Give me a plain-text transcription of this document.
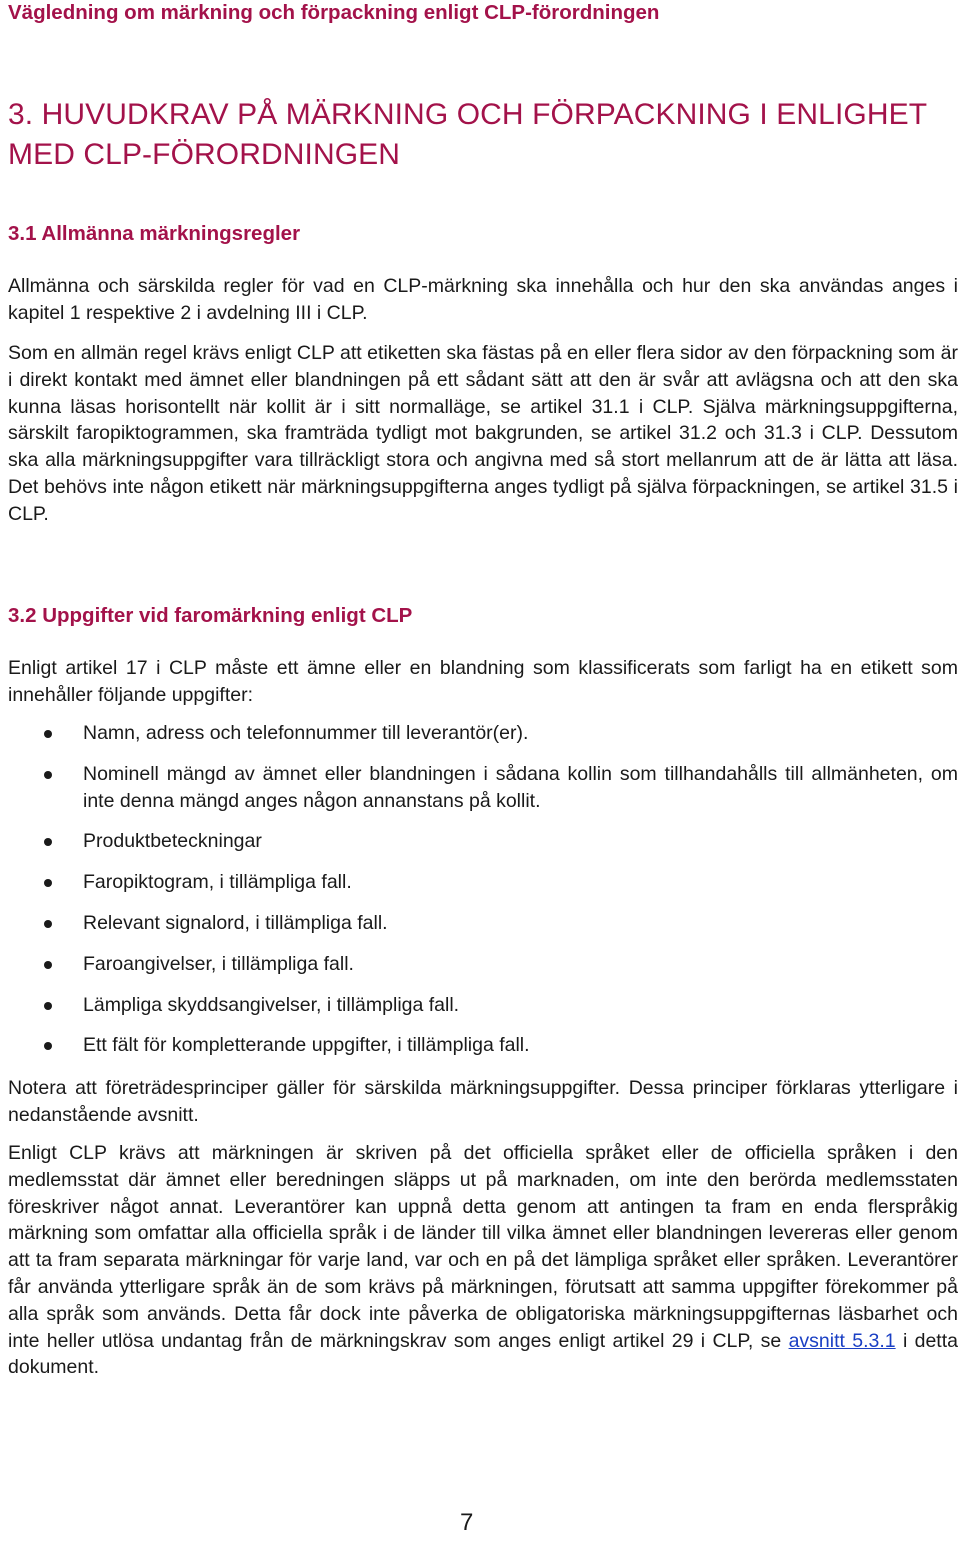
Vägledning om märkning och förpackning enligt CLP-förordningen
3. HUVUDKRAV PÅ MÄRKNING OCH FÖRPACKNING I ENLIGHET MED CLP-FÖRORDNINGEN
3.1 Allmänna märkningsregler

Allmänna och särskilda regler för vad en CLP-märkning ska innehålla och hur den ska användas anges i kapitel 1 respektive 2 i avdelning III i CLP.

Som en allmän regel krävs enligt CLP att etiketten ska fästas på en eller flera sidor av den förpackning som är i direkt kontakt med ämnet eller blandningen på ett sådant sätt att den är svår att avlägsna och att den ska kunna läsas horisontellt när kollit är i sitt normalläge, se artikel 31.1 i CLP. Själva märkningsuppgifterna, särskilt faropiktogrammen, ska framträda tydligt mot bakgrunden, se artikel 31.2 och 31.3 i CLP. Dessutom ska alla märkningsuppgifter vara tillräckligt stora och angivna med så stort mellanrum att de är lätta att läsa. Det behövs inte någon etikett när märkningsuppgifterna anges tydligt på själva förpackningen, se artikel 31.5 i CLP.

3.2 Uppgifter vid faromärkning enligt CLP

Enligt artikel 17 i CLP måste ett ämne eller en blandning som klassificerats som farligt ha en etikett som innehåller följande uppgifter:

Namn, adress och telefonnummer till leverantör(er).
Nominell mängd av ämnet eller blandningen i sådana kollin som tillhandahålls till allmänheten, om inte denna mängd anges någon annanstans på kollit.
Produktbeteckningar
Faropiktogram, i tillämpliga fall.
Relevant signalord, i tillämpliga fall.
Faroangivelser, i tillämpliga fall.
Lämpliga skyddsangivelser, i tillämpliga fall.
Ett fält för kompletterande uppgifter, i tillämpliga fall.

Notera att företrädesprinciper gäller för särskilda märkningsuppgifter. Dessa principer förklaras ytterligare i nedanstående avsnitt.

Enligt CLP krävs att märkningen är skriven på det officiella språket eller de officiella språken i den medlemsstat där ämnet eller beredningen släpps ut på marknaden, om inte den berörda medlemsstaten föreskriver något annat. Leverantörer kan uppnå detta genom att antingen ta fram en enda flerspråkig märkning som omfattar alla officiella språk i de länder till vilka ämnet eller blandningen levereras eller genom att ta fram separata märkningar för varje land, var och en på det lämpliga språket eller språken. Leverantörer får använda ytterligare språk än de som krävs på märkningen, förutsatt att samma uppgifter förekommer på alla språk som används. Detta får dock inte påverka de obligatoriska märkningsuppgifternas läsbarhet och inte heller utlösa undantag från de märkningskrav som anges enligt artikel 29 i CLP, se avsnitt 5.3.1 i detta dokument.

7
